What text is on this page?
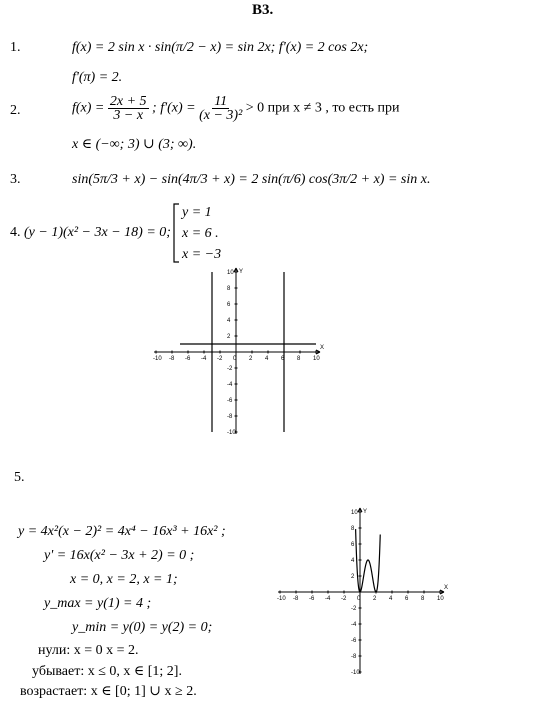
В3.
1.	f(x) = 2 sin x · sin(π/2 − x) = sin 2x; f'(x) = 2 cos 2x;
f'(π) = 2.
2.	$f(x) = \frac{2x + 5}{3 - x}$ ; $f'(x) = \frac{11}{\text{(x − 3)²}} > 0$ при x ≠ 3 , то есть при
x ∈ (−∞; 3) ∪ (3; ∞).
3.	sin(5π/3 + x) − sin(4π/3 + x) = 2 sin(π/6) cos(3π/2 + x) = sin x.
4. (y − 1)(x² − 3x − 18) = 0;
y = 1
x = 6 .
x = −3
X
Y
-10 -8 -6 -4 -2 0 2 4 6 8 10
10
8
6
4
2
-2
-4
-6
-8
-10
5.
y = 4x²(x − 2)² = 4x⁴ − 16x³ + 16x² ;
y' = 16x(x² − 3x + 2) = 0 ;
x = 0, x = 2, x = 1;
y_max = y(1) = 4 ;
y_min = y(0) = y(2) = 0;
нули: x = 0 x = 2.
убывает: x ≤ 0, x ∈ [1; 2].
возрастает: x ∈ [0; 1] ∪ x ≥ 2.
X
Y
-10 -8 -6 -4 -2 0 2 4 6 8 10
10
8
6
4
2
-2
-4
-6
-8
-10
